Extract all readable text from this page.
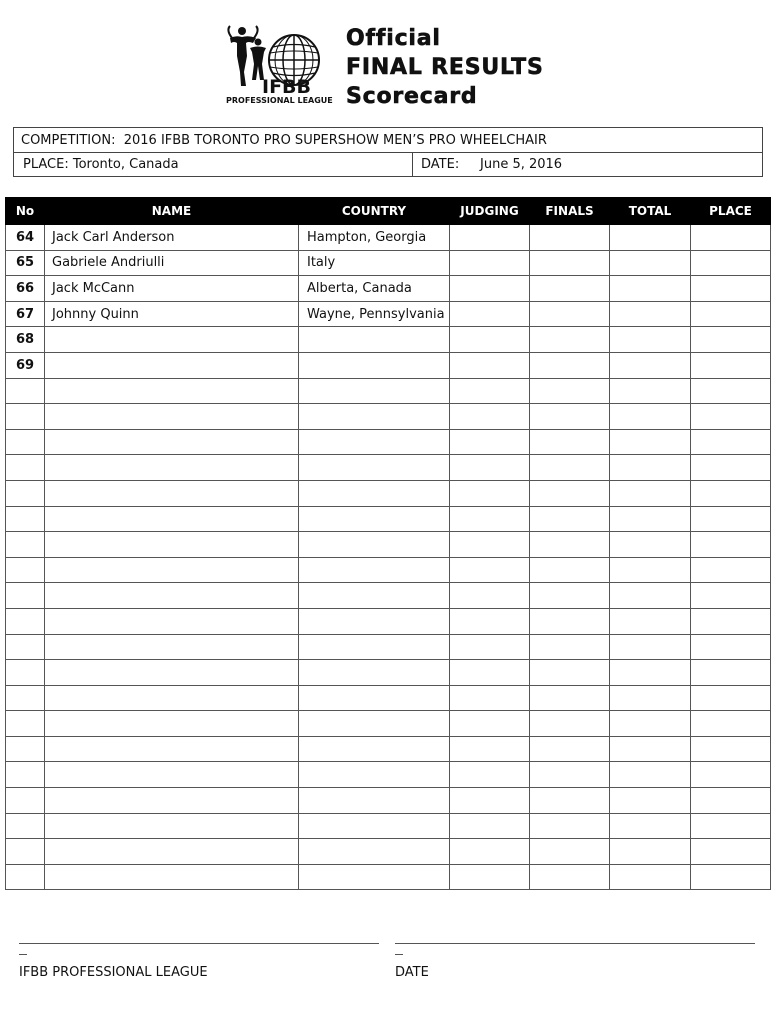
IFBB
PROFESSIONAL LEAGUE
Official
FINAL RESULTS
Scorecard
COMPETITION: 2016 IFBB TORONTO PRO SUPERSHOW MEN’S PRO WHEELCHAIR
PLACE: Toronto, Canada	DATE: June 5, 2016
No	NAME	COUNTRY	JUDGING	FINALS	TOTAL	PLACE
64	Jack Carl Anderson	Hampton, Georgia				
65	Gabriele Andriulli	Italy				
66	Jack McCann	Alberta, Canada				
67	Johnny Quinn	Wayne, Pennsylvania				
68						
69						

IFBB PROFESSIONAL LEAGUE	DATE
